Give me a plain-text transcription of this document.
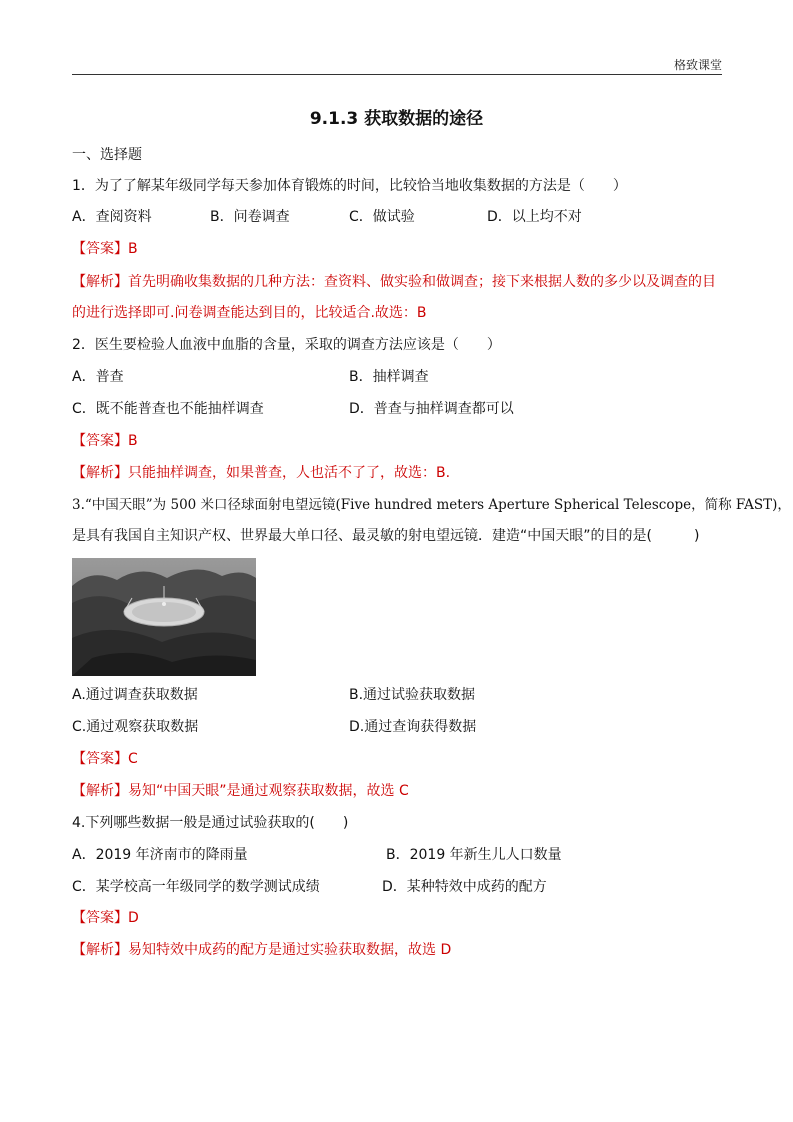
格致课堂
9.1.3 获取数据的途径
一、选择题
1．为了了解某年级同学每天参加体育锻炼的时间，比较恰当地收集数据的方法是（　　）
A．查阅资料	B．问卷调查	C．做试验	D．以上均不对
【答案】B
【解析】首先明确收集数据的几种方法：查资料、做实验和做调查；接下来根据人数的多少以及调查的目
的进行选择即可.问卷调查能达到目的，比较适合.故选：B
2．医生要检验人血液中血脂的含量，采取的调查方法应该是（　　）
A．普查	B．抽样调查
C．既不能普查也不能抽样调查	D．普查与抽样调查都可以
【答案】B
【解析】只能抽样调查，如果普查，人也活不了了，故选：B.
3.“中国天眼”为 500 米口径球面射电望远镜(Five hundred meters Aperture Spherical Telescope，简称 FAST)，
是具有我国自主知识产权、世界最大单口径、最灵敏的射电望远镜．建造“中国天眼”的目的是(　　　)
A.通过调查获取数据	B.通过试验获取数据
C.通过观察获取数据	D.通过查询获得数据
【答案】C
【解析】易知“中国天眼”是通过观察获取数据，故选 C
4.下列哪些数据一般是通过试验获取的(　　)
A．2019 年济南市的降雨量	B．2019 年新生儿人口数量
C．某学校高一年级同学的数学测试成绩	D．某种特效中成药的配方
【答案】D
【解析】易知特效中成药的配方是通过实验获取数据，故选 D
